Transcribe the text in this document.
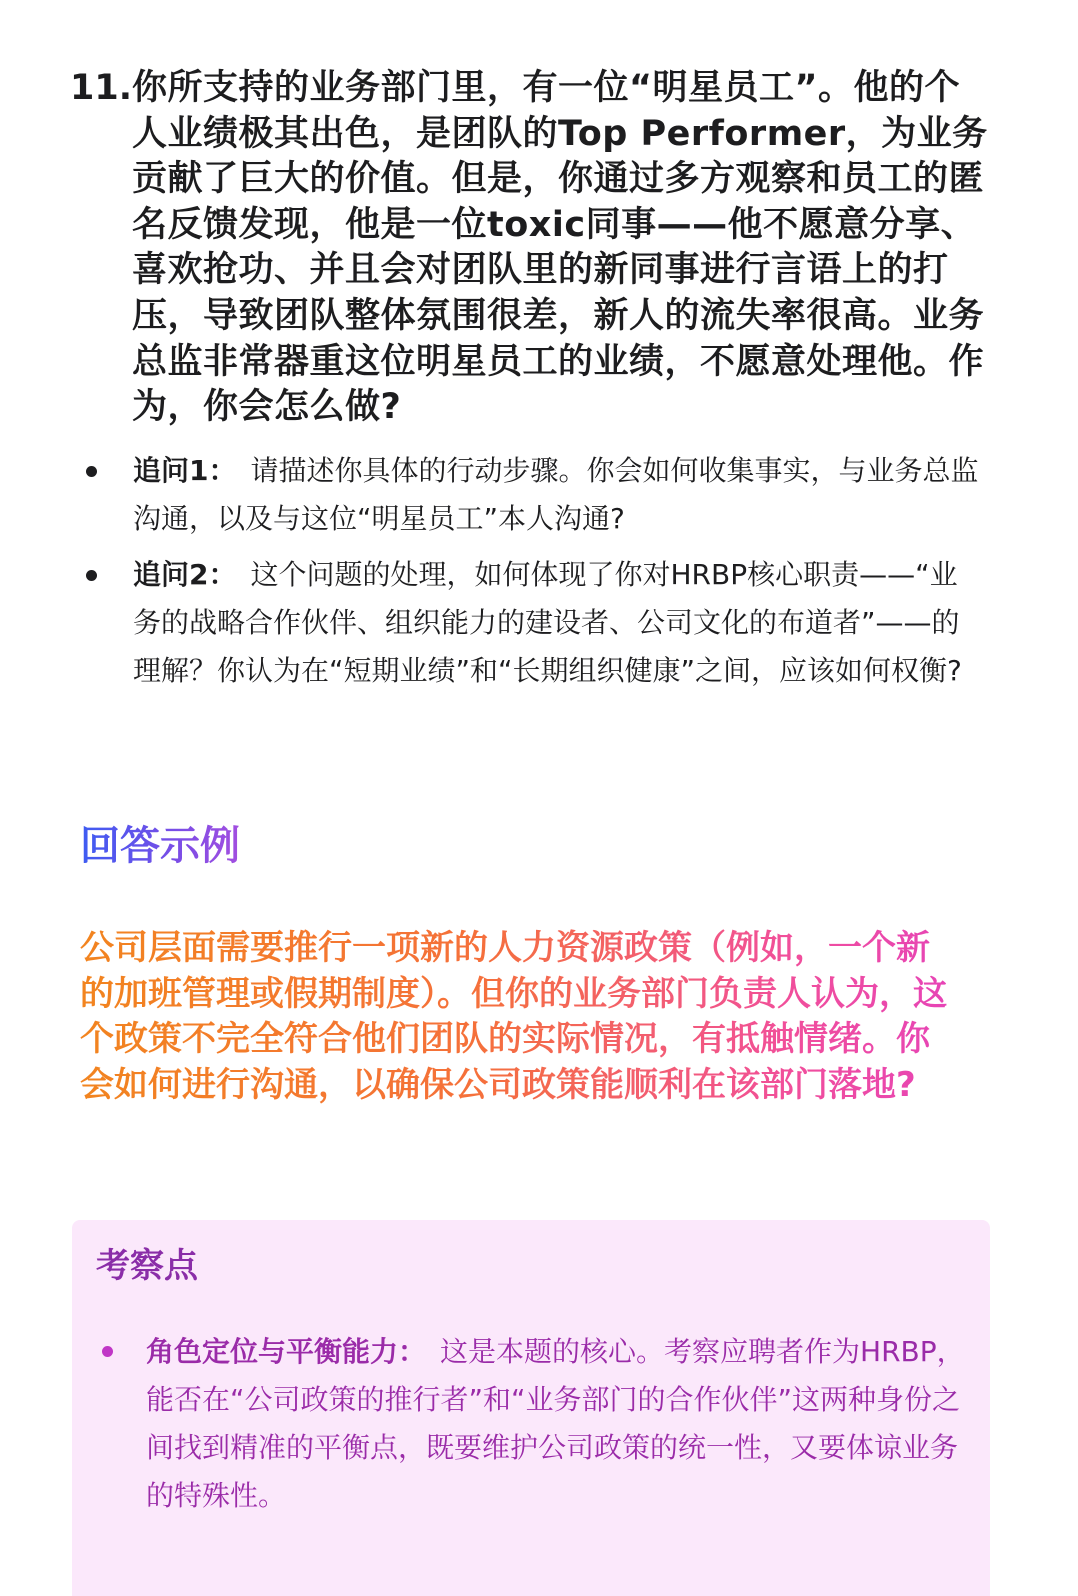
11. 你所支持的业务部门里，有一位“明星员工”。他的个人业绩极其出色，是团队的Top Performer，为业务贡献了巨大的价值。但是，你通过多方观察和员工的匿名反馈发现，他是一位toxic同事——他不愿意分享、喜欢抢功、并且会对团队里的新同事进行言语上的打压，导致团队整体氛围很差，新人的流失率很高。业务总监非常器重这位明星员工的业绩，不愿意处理他。作为，你会怎么做?
追问1： 请描述你具体的行动步骤。你会如何收集事实，与业务总监沟通，以及与这位“明星员工”本人沟通?
追问2： 这个问题的处理，如何体现了你对HRBP核心职责——“业务的战略合作伙伴、组织能力的建设者、公司文化的布道者”——的理解？你认为在“短期业绩”和“长期组织健康”之间，应该如何权衡?
回答示例
公司层面需要推行一项新的人力资源政策（例如，一个新的加班管理或假期制度）。但你的业务部门负责人认为，这个政策不完全符合他们团队的实际情况，有抵触情绪。你会如何进行沟通，以确保公司政策能顺利在该部门落地?
考察点
角色定位与平衡能力： 这是本题的核心。考察应聘者作为HRBP，能否在“公司政策的推行者”和“业务部门的合作伙伴”这两种身份之间找到精准的平衡点，既要维护公司政策的统一性，又要体谅业务的特殊性。
